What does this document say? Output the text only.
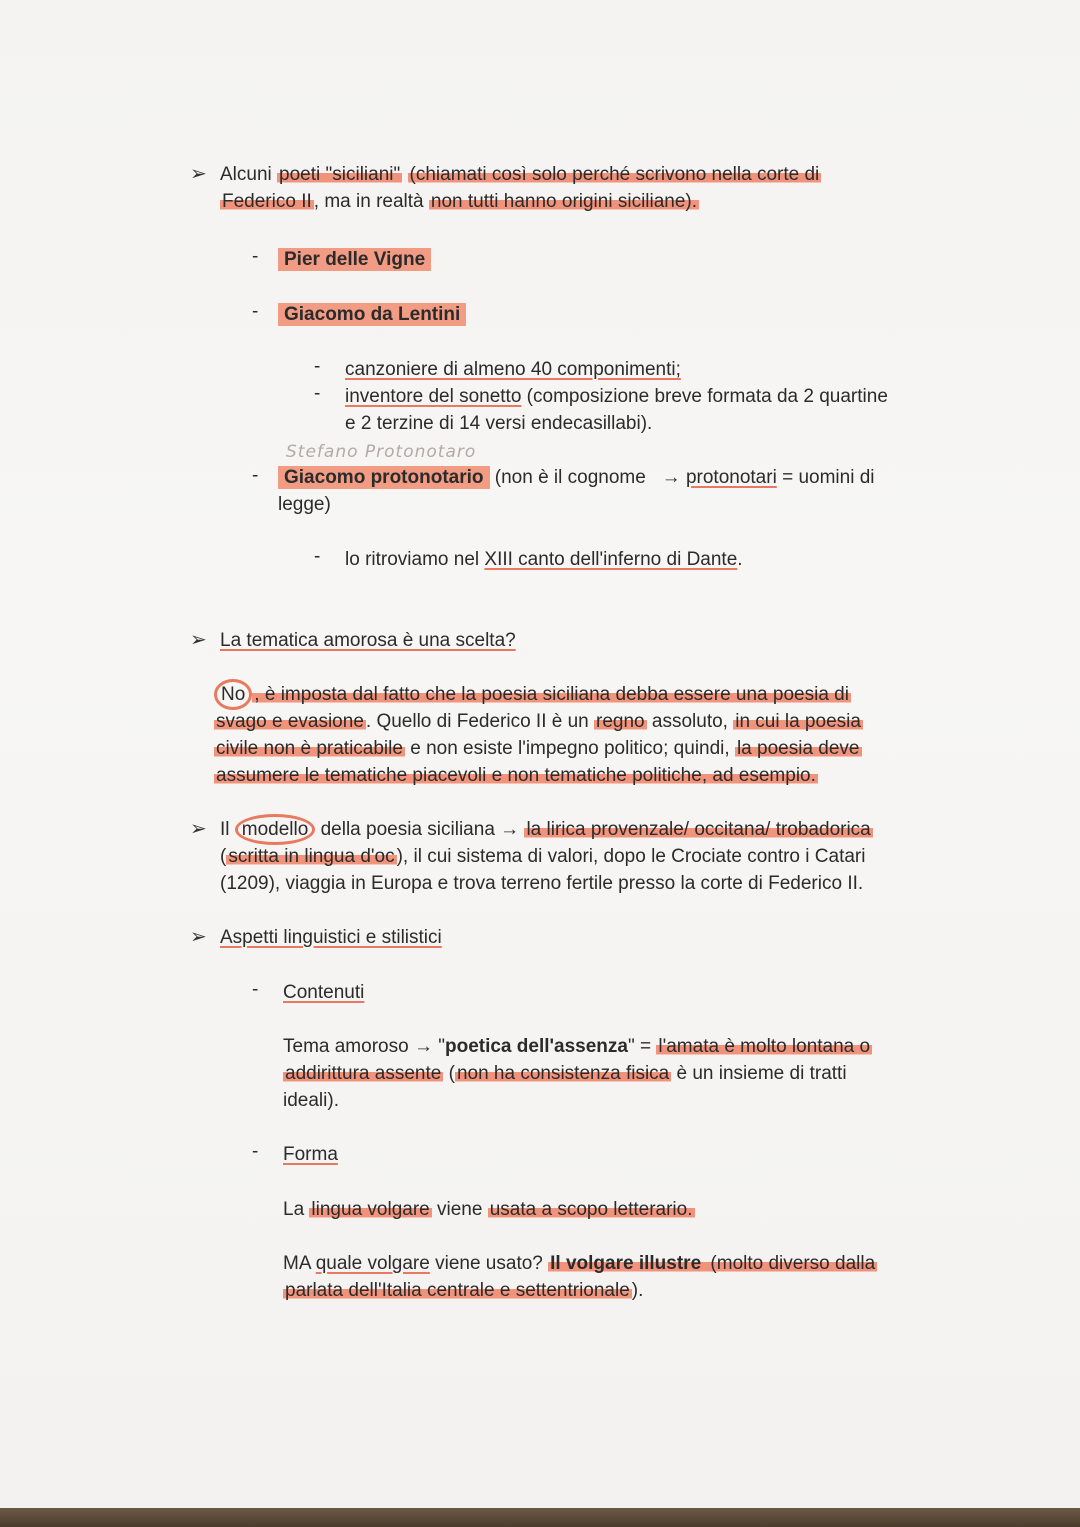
➢ Alcuni poeti "siciliani" (chiamati così solo perché scrivono nella corte di
Federico II , ma in realtà non tutti hanno origini siciliane).
-	Pier delle Vigne
-	Giacomo da Lentini
- canzoniere di almeno 40 componimenti;
- inventore del sonetto (composizione breve formata da 2 quartine
e 2 terzine di 14 versi endecasillabi).
Stefano Protonotaro
-	Giacomo protonotario (non è il cognome → protonotari = uomini di
legge)
- lo ritroviamo nel XIII canto dell'inferno di Dante.
➢ La tematica amorosa è una scelta?
No , è imposta dal fatto che la poesia siciliana debba essere una poesia di
svago e evasione . Quello di Federico II è un regno assoluto, in cui la poesia
civile non è praticabile e non esiste l'impegno politico; quindi, la poesia deve
assumere le tematiche piacevoli e non tematiche politiche, ad esempio.
➢ Il modello della poesia siciliana → la lirica provenzale/ occitana/ trobadorica
( scritta in lingua d'oc ), il cui sistema di valori, dopo le Crociate contro i Catari
(1209), viaggia in Europa e trova terreno fertile presso la corte di Federico II.
➢ Aspetti linguistici e stilistici
- Contenuti
Tema amoroso → "poetica dell'assenza" = l'amata è molto lontana o
addirittura assente ( non ha consistenza fisica è un insieme di tratti
ideali).
- Forma
La lingua volgare viene usata a scopo letterario.
MA quale volgare viene usato? Il volgare illustre (molto diverso dalla
parlata dell'Italia centrale e settentrionale ).
